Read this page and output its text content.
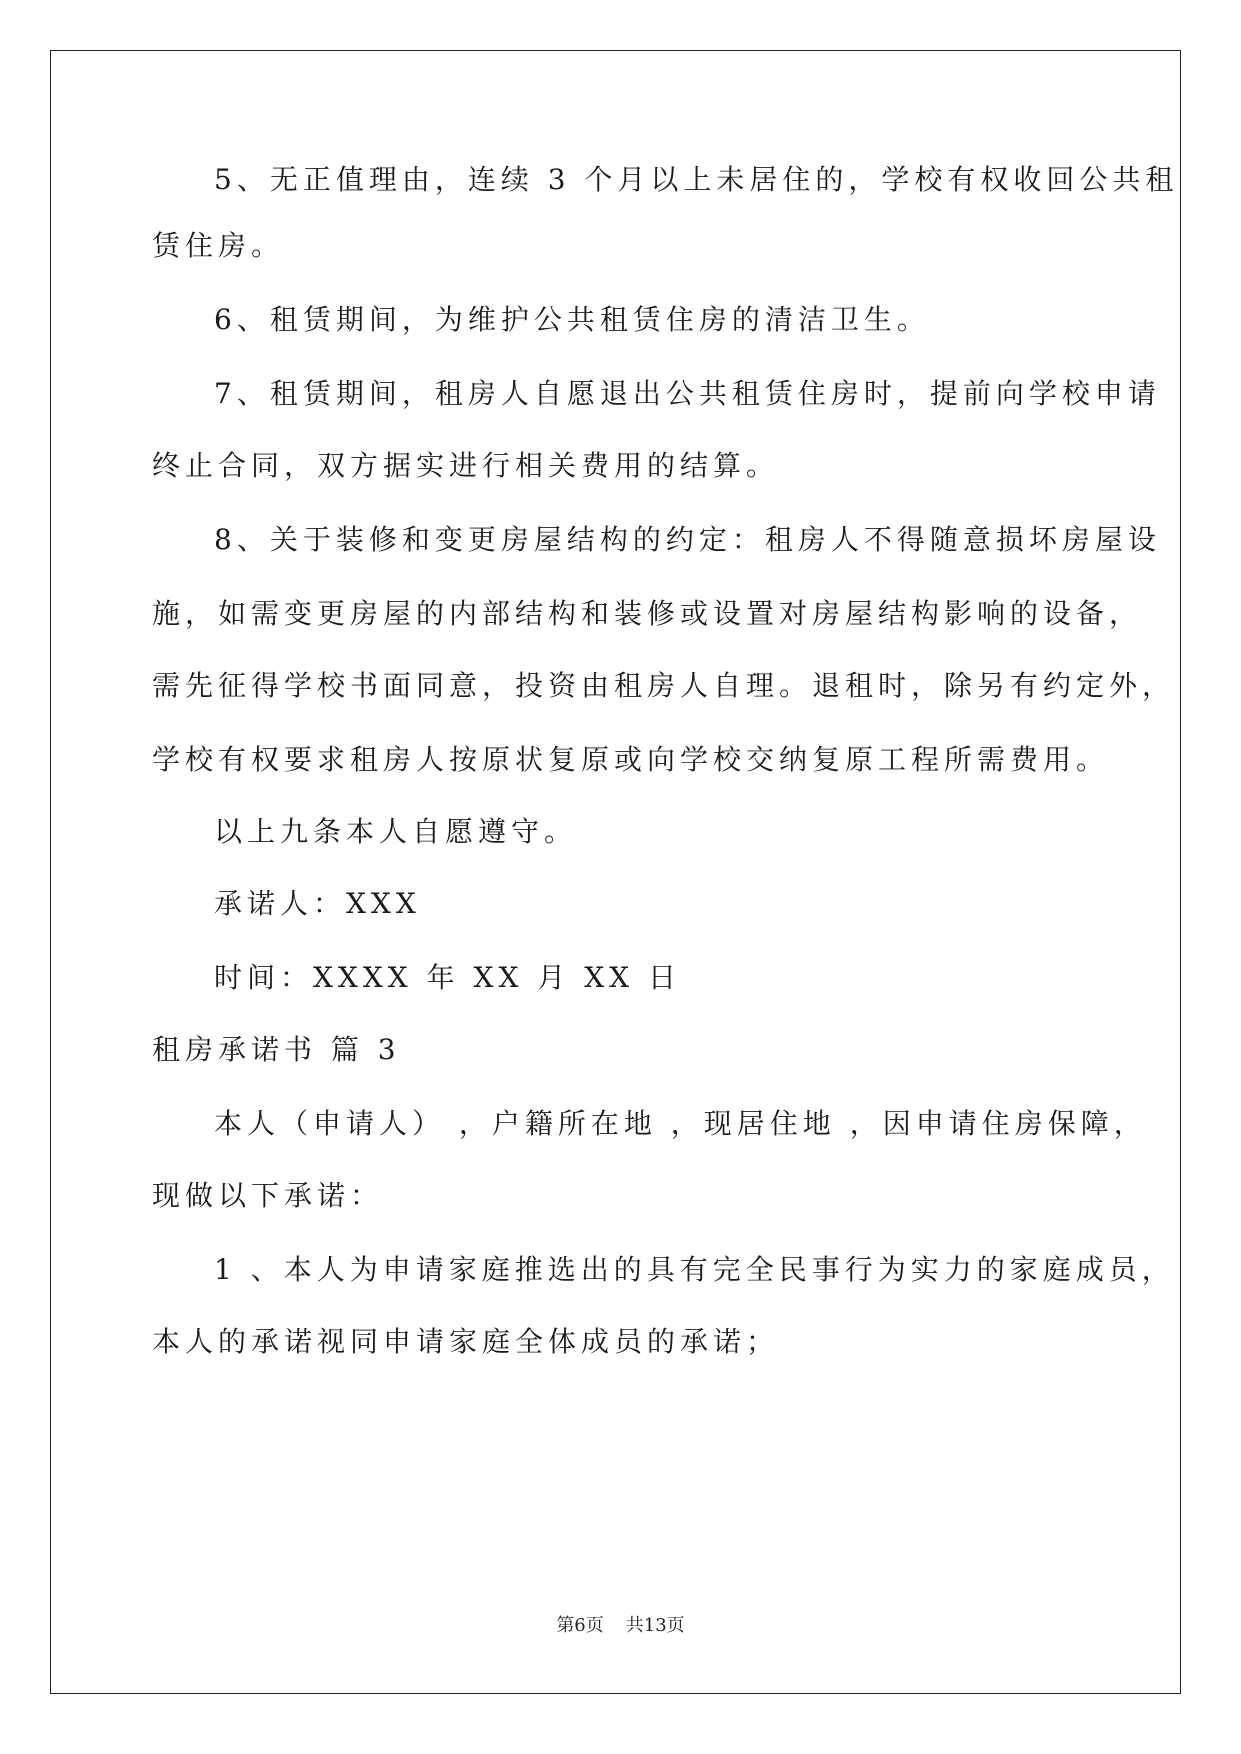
5、无正值理由，连续 3 个月以上未居住的，学校有权收回公共租
赁住房。
6、租赁期间，为维护公共租赁住房的清洁卫生。
7、租赁期间，租房人自愿退出公共租赁住房时，提前向学校申请
终止合同，双方据实进行相关费用的结算。
8、关于装修和变更房屋结构的约定：租房人不得随意损坏房屋设
施，如需变更房屋的内部结构和装修或设置对房屋结构影响的设备，
需先征得学校书面同意，投资由租房人自理。退租时，除另有约定外，
学校有权要求租房人按原状复原或向学校交纳复原工程所需费用。
以上九条本人自愿遵守。
承诺人：XXX
时间：XXXX 年 XX 月 XX 日
租房承诺书 篇 3
本人（申请人） ，户籍所在地 ，现居住地 ，因申请住房保障，
现做以下承诺：
1 、本人为申请家庭推选出的具有完全民事行为实力的家庭成员，
本人的承诺视同申请家庭全体成员的承诺；
第6页 共13页
